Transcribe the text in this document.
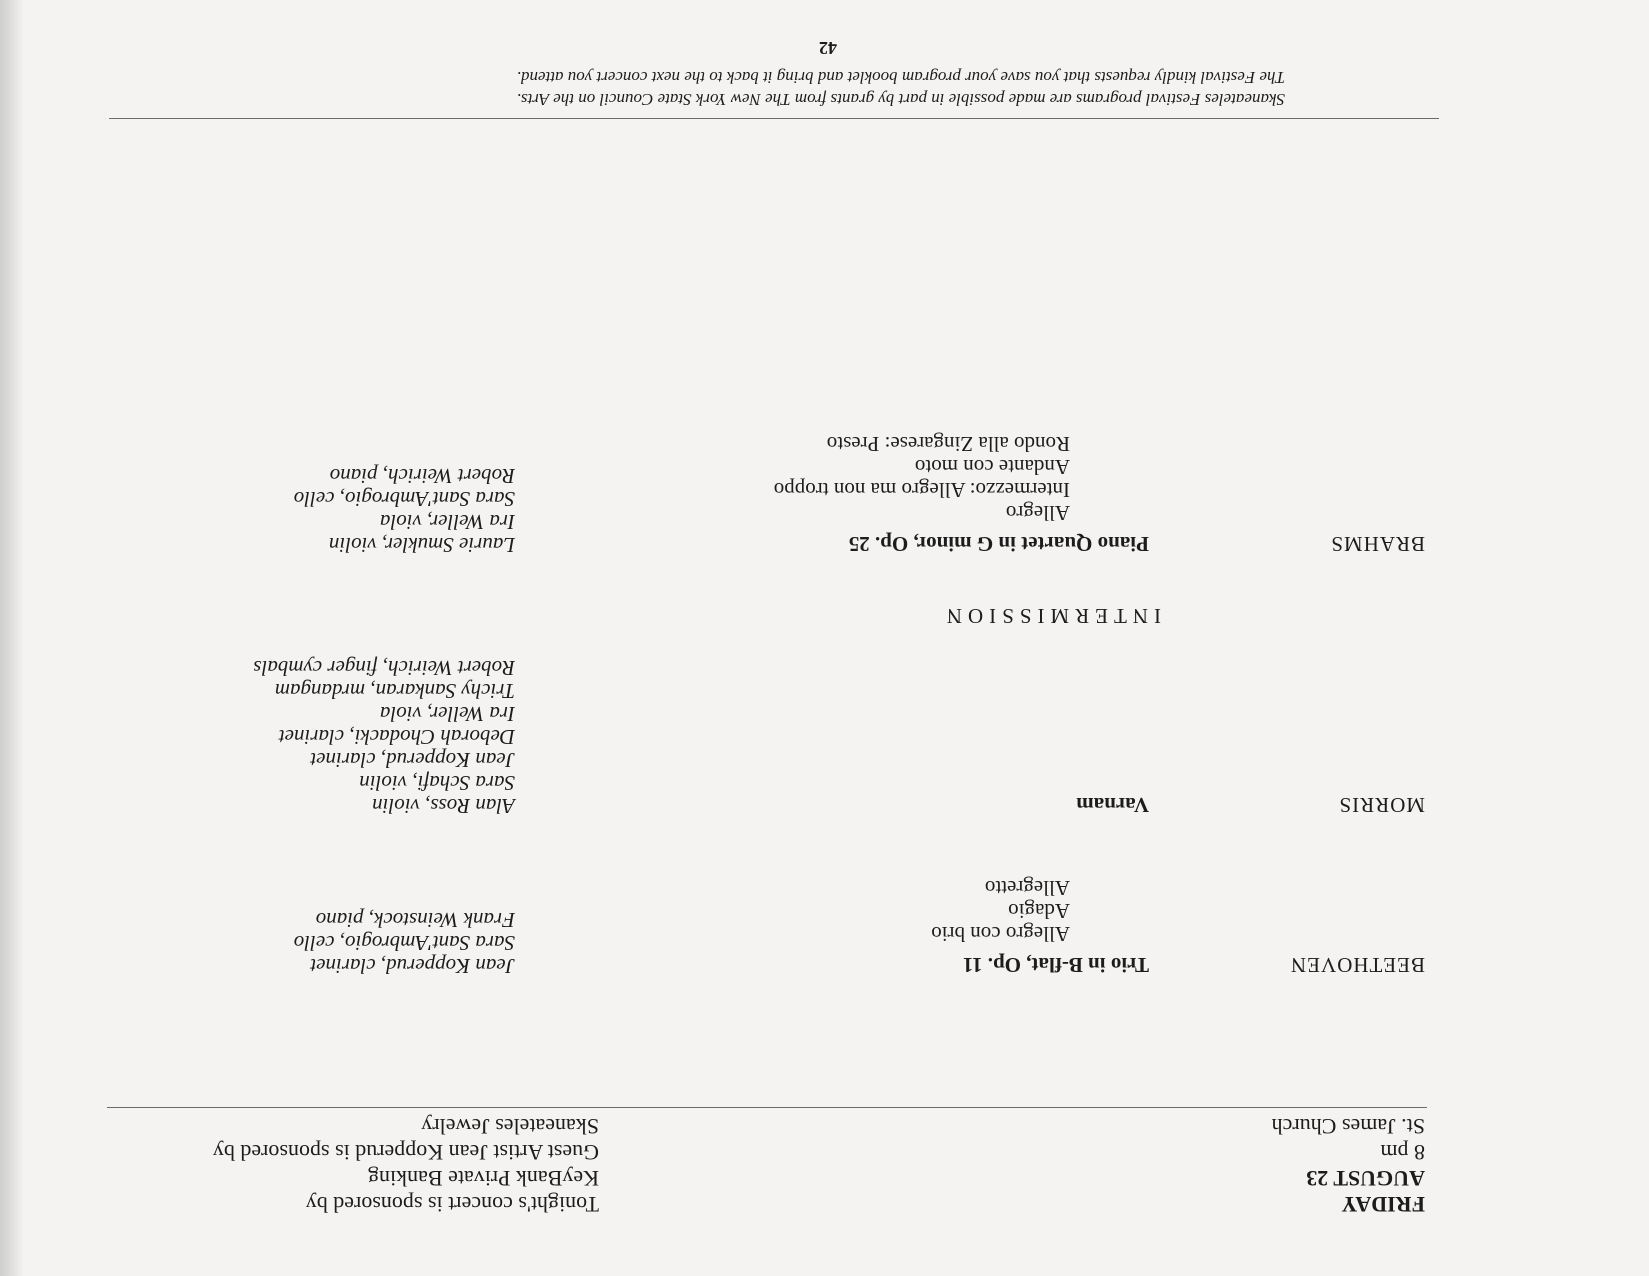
FRIDAY
AUGUST 23
8 pm
St. James Church
Tonight's concert is sponsored by
KeyBank Private Banking
Guest Artist Jean Kopperud is sponsored by
Skaneateles Jewelry
BEETHOVEN
Trio in B-flat, Op. 11
Allegro con brio
Adagio
Allegretto
Jean Kopperud, clarinet
Sara Sant'Ambrogio, cello
Frank Weinstock, piano
MORRIS
Varnam
Alan Ross, violin
Sara Schafi, violin
Jean Kopperud, clarinet
Deborah Chodacki, clarinet
Ira Weller, viola
Trichy Sankaran, mrdangam
Robert Weirich, finger cymbals
INTERMISSION
BRAHMS
Piano Quartet in G minor, Op. 25
Allegro
Intermezzo: Allegro ma non troppo
Andante con moto
Rondo alla Zingarese: Presto
Laurie Smukler, violin
Ira Weller, viola
Sara Sant'Ambrogio, cello
Robert Weirich, piano
Skaneateles Festival programs are made possible in part by grants from The New York State Council on the Arts.
The Festival kindly requests that you save your program booklet and bring it back to the next concert you attend.
42
